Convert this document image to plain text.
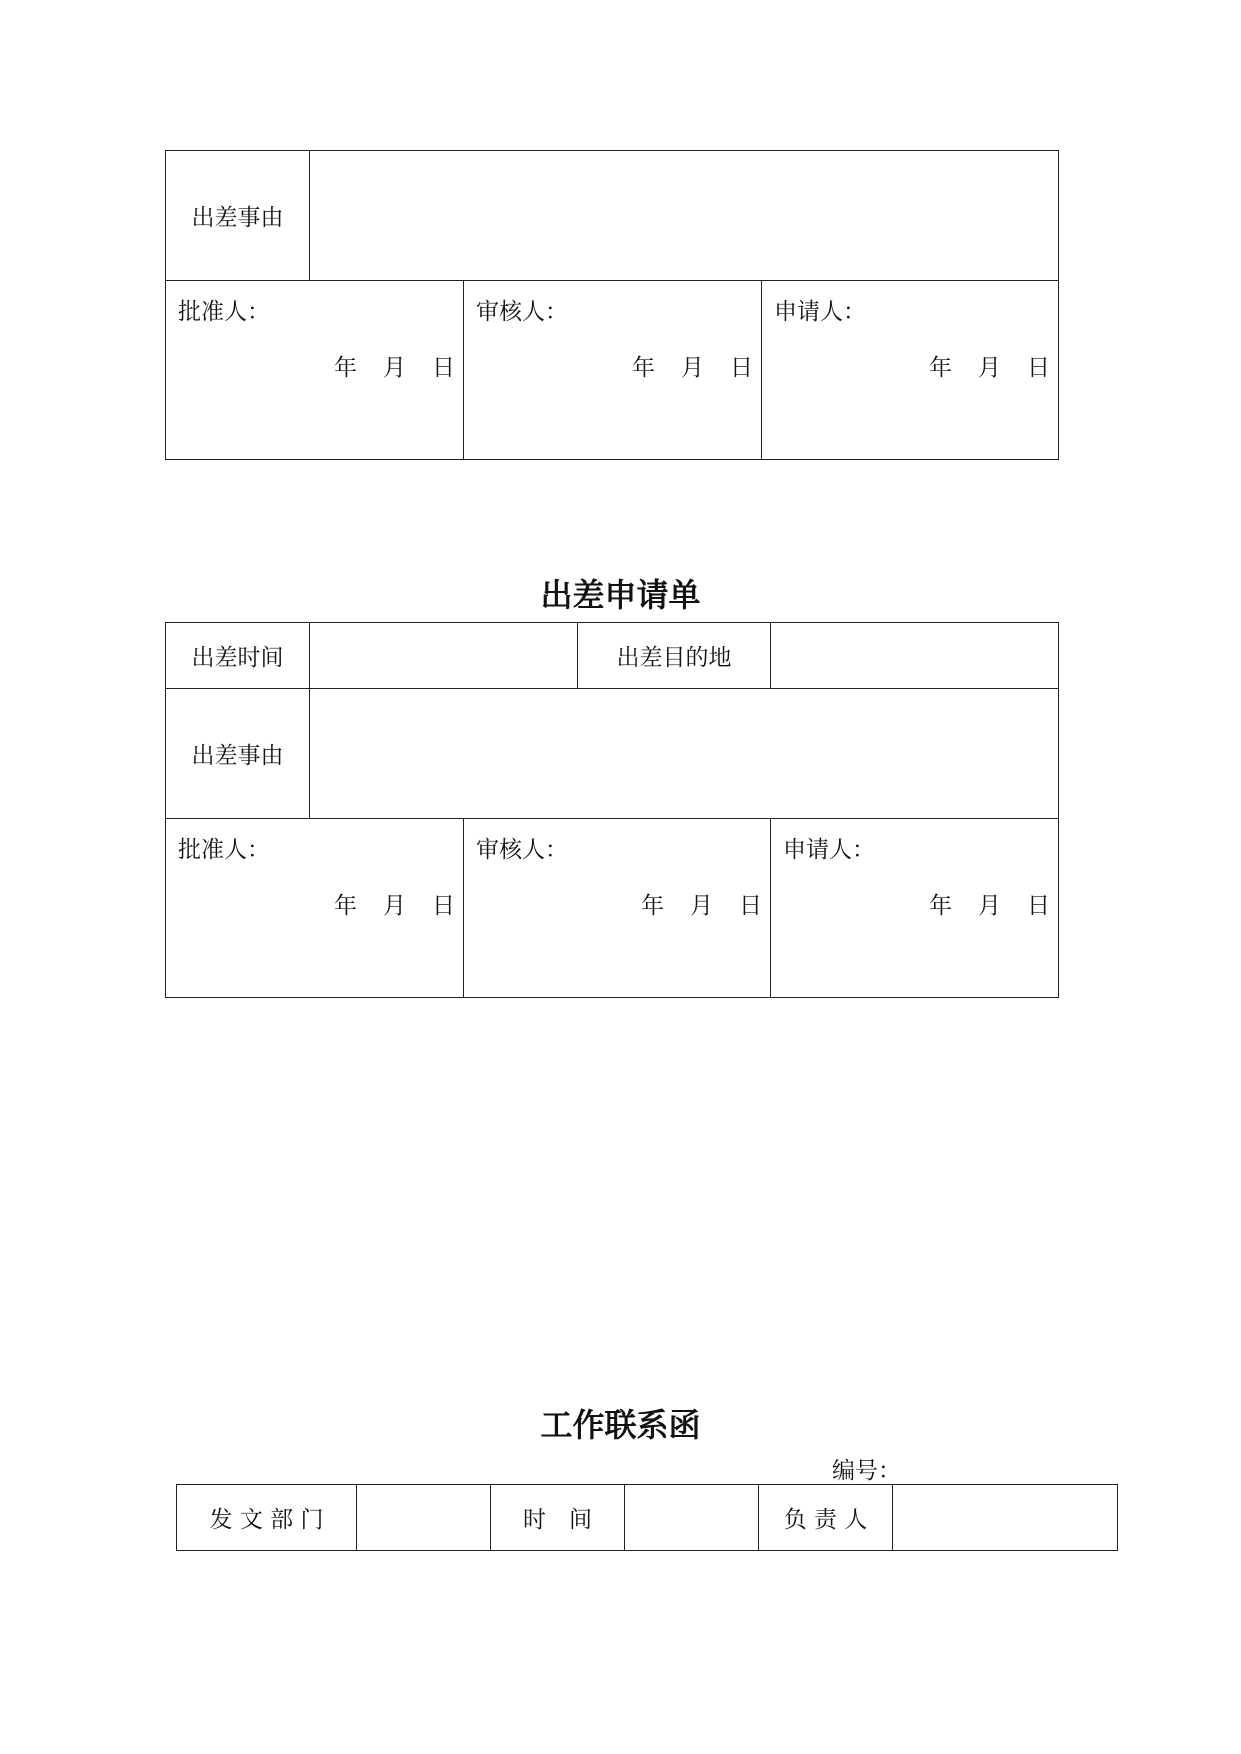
出差事由			

批准人：
年 月 日		审核人：
年 月 日	申请人：
年 月 日
出差申请单
出差时间			出差目的地	
出差事由				

批准人：
年 月 日		审核人：
年 月 日		申请人：
年 月 日
工作联系函
编号：
发 文 部 门		时　间		负 责 人	
